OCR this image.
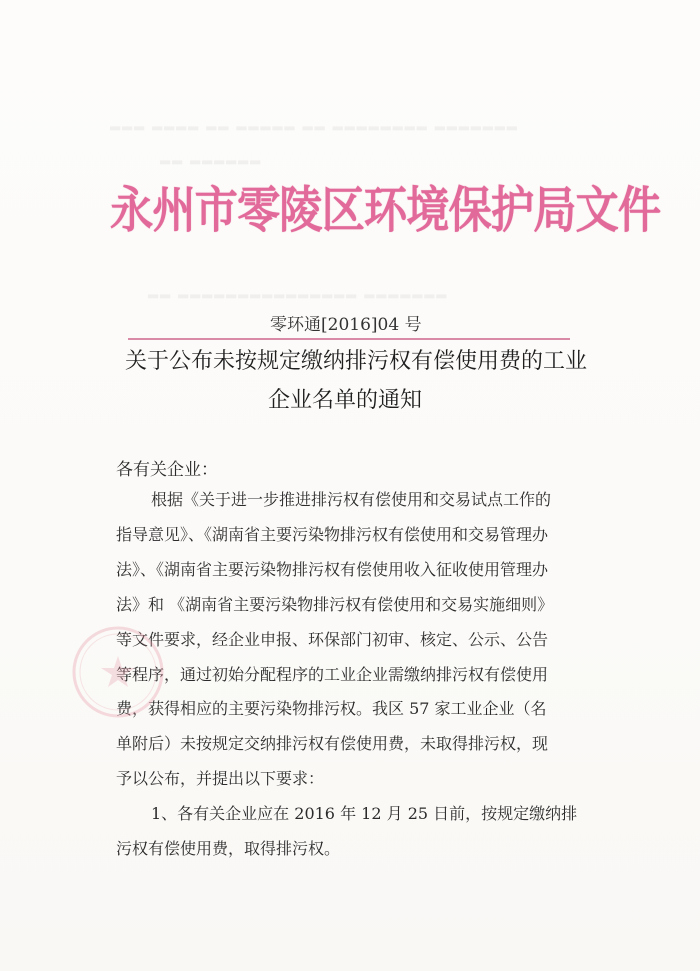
▂▂▂ ▂▂▂▂ ▂▂ ▂▂▂▂▂ ▂▂ ▂▂▂▂▂▂▂▂ ▂▂▂▂▂▂▂
▂▂ ▂▂▂▂▂▂
▂▂ ▂▂▂▂▂▂▂▂▂▂▂▂▂▂▂ ▂▂▂▂▂▂▂
永州市零陵区环境保护局文件
零环通[2016]04 号
关于公布未按规定缴纳排污权有偿使用费的工业
企业名单的通知
各有关企业：
根据《关于进一步推进排污权有偿使用和交易试点工作的
指导意见》、《湖南省主要污染物排污权有偿使用和交易管理办
法》、《湖南省主要污染物排污权有偿使用收入征收使用管理办
法》和 《湖南省主要污染物排污权有偿使用和交易实施细则》
等文件要求，经企业申报、环保部门初审、核定、公示、公告
等程序，通过初始分配程序的工业企业需缴纳排污权有偿使用
费，获得相应的主要污染物排污权。我区 57 家工业企业（名
单附后）未按规定交纳排污权有偿使用费，未取得排污权，现
予以公布，并提出以下要求：
1、各有关企业应在 2016 年 12 月 25 日前，按规定缴纳排
污权有偿使用费，取得排污权。
